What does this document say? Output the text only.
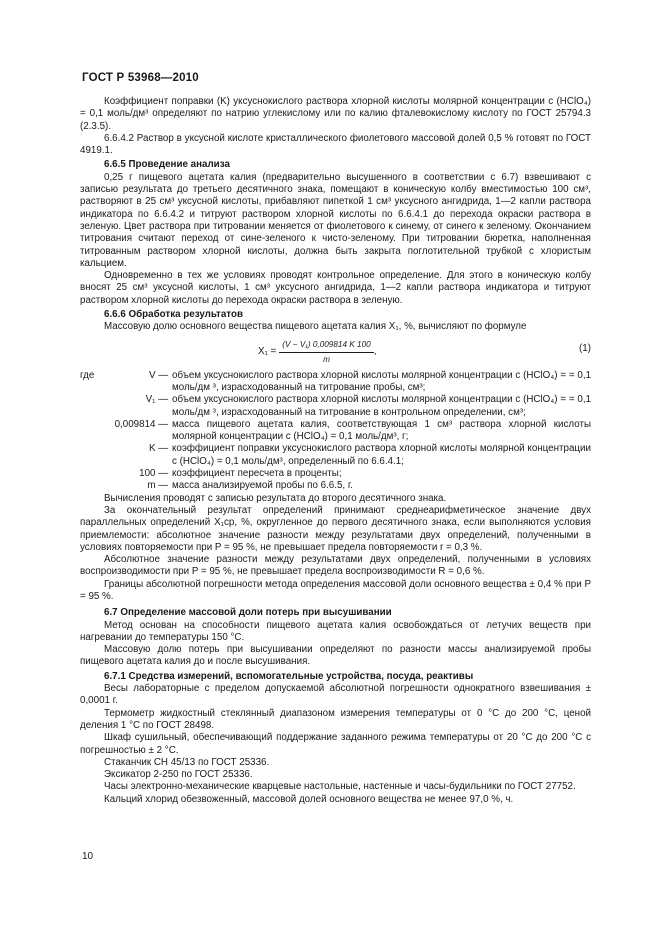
ГОСТ Р 53968—2010

Коэффициент поправки (K) уксуснокислого раствора хлорной кислоты молярной концентрации c (HClO₄) = 0,1 моль/дм³ определяют по натрию углекислому или по калию фталевокислому кислоту по ГОСТ 25794.3 (2.3.5).

6.6.4.2 Раствор в уксусной кислоте кристаллического фиолетового массовой долей 0,5 % готовят по ГОСТ 4919.1.

6.6.5 Проведение анализа

0,25 г пищевого ацетата калия (предварительно высушенного в соответствии с 6.7) взвешивают с записью результата до третьего десятичного знака, помещают в коническую колбу вместимостью 100 см³, растворяют в 25 см³ уксусной кислоты, прибавляют пипеткой 1 см³ уксусного ангидрида, 1—2 капли раствора индикатора по 6.6.4.2 и титруют раствором хлорной кислоты по 6.6.4.1 до перехода окраски раствора в зеленую. Цвет раствора при титровании меняется от фиолетового к синему, от синего к зеленому. Окончанием титрования считают переход от сине-зеленого к чисто-зеленому. При титровании бюретка, наполненная титрованным раствором хлорной кислоты, должна быть закрыта поглотительной трубкой с хлористым кальцием.

Одновременно в тех же условиях проводят контрольное определение. Для этого в коническую колбу вносят 25 см³ уксусной кислоты, 1 см³ уксусного ангидрида, 1—2 капли раствора индикатора и титруют раствором хлорной кислоты до перехода окраски раствора в зеленую.

6.6.6 Обработка результатов

Массовую долю основного вещества пищевого ацетата калия X₁, %, вычисляют по формуле

$X_1 = \frac{\text{(V − V₁) 0,009814 K 100}}{m}$ ,	(1)
где	V — объем уксуснокислого раствора хлорной кислоты молярной концентрации c (HClO₄) = = 0,1 моль/дм ³, израсходованный на титрование пробы, см³;
V₁ — объем уксуснокислого раствора хлорной кислоты молярной концентрации c (HClO₄) = = 0,1 моль/дм ³, израсходованный на титрование в контрольном определении, см³;
0,009814 — масса пищевого ацетата калия, соответствующая 1 см³ раствора хлорной кислоты молярной концентрации c (HClO₄) = 0,1 моль/дм³, г;
K — коэффициент поправки уксуснокислого раствора хлорной кислоты молярной концентрации c (HClO₄) = 0,1 моль/дм³, определенный по 6.6.4.1;
100 — коэффициент пересчета в проценты;
m — масса анализируемой пробы по 6.6.5, г.

Вычисления проводят с записью результата до второго десятичного знака.

За окончательный результат определений принимают среднеарифметическое значение двух параллельных определений X₁ср, %, округленное до первого десятичного знака, если выполняются условия приемлемости: абсолютное значение разности между результатами двух определений, полученными в условиях повторяемости при P = 95 %, не превышает предела повторяемости r = 0,3 %.

Абсолютное значение разности между результатами двух определений, полученными в условиях воспроизводимости при P = 95 %, не превышает предела воспроизводимости R = 0,6 %.

Границы абсолютной погрешности метода определения массовой доли основного вещества ± 0,4 % при P = 95 %.

6.7 Определение массовой доли потерь при высушивании

Метод основан на способности пищевого ацетата калия освобождаться от летучих веществ при нагревании до температуры 150 °С.

Массовую долю потерь при высушивании определяют по разности массы анализируемой пробы пищевого ацетата калия до и после высушивания.

6.7.1 Средства измерений, вспомогательные устройства, посуда, реактивы

Весы лабораторные с пределом допускаемой абсолютной погрешности однократного взвешивания ± 0,0001 г.

Термометр жидкостный стеклянный диапазоном измерения температуры от 0 °С до 200 °С, ценой деления 1 °С по ГОСТ 28498.

Шкаф сушильный, обеспечивающий поддержание заданного режима температуры от 20 °С до 200 °С с погрешностью ± 2 °С.

Стаканчик СН 45/13 по ГОСТ 25336.

Эксикатор 2-250 по ГОСТ 25336.

Часы электронно-механические кварцевые настольные, настенные и часы-будильники по ГОСТ 27752.

Кальций хлорид обезвоженный, массовой долей основного вещества не менее 97,0 %, ч.

10
